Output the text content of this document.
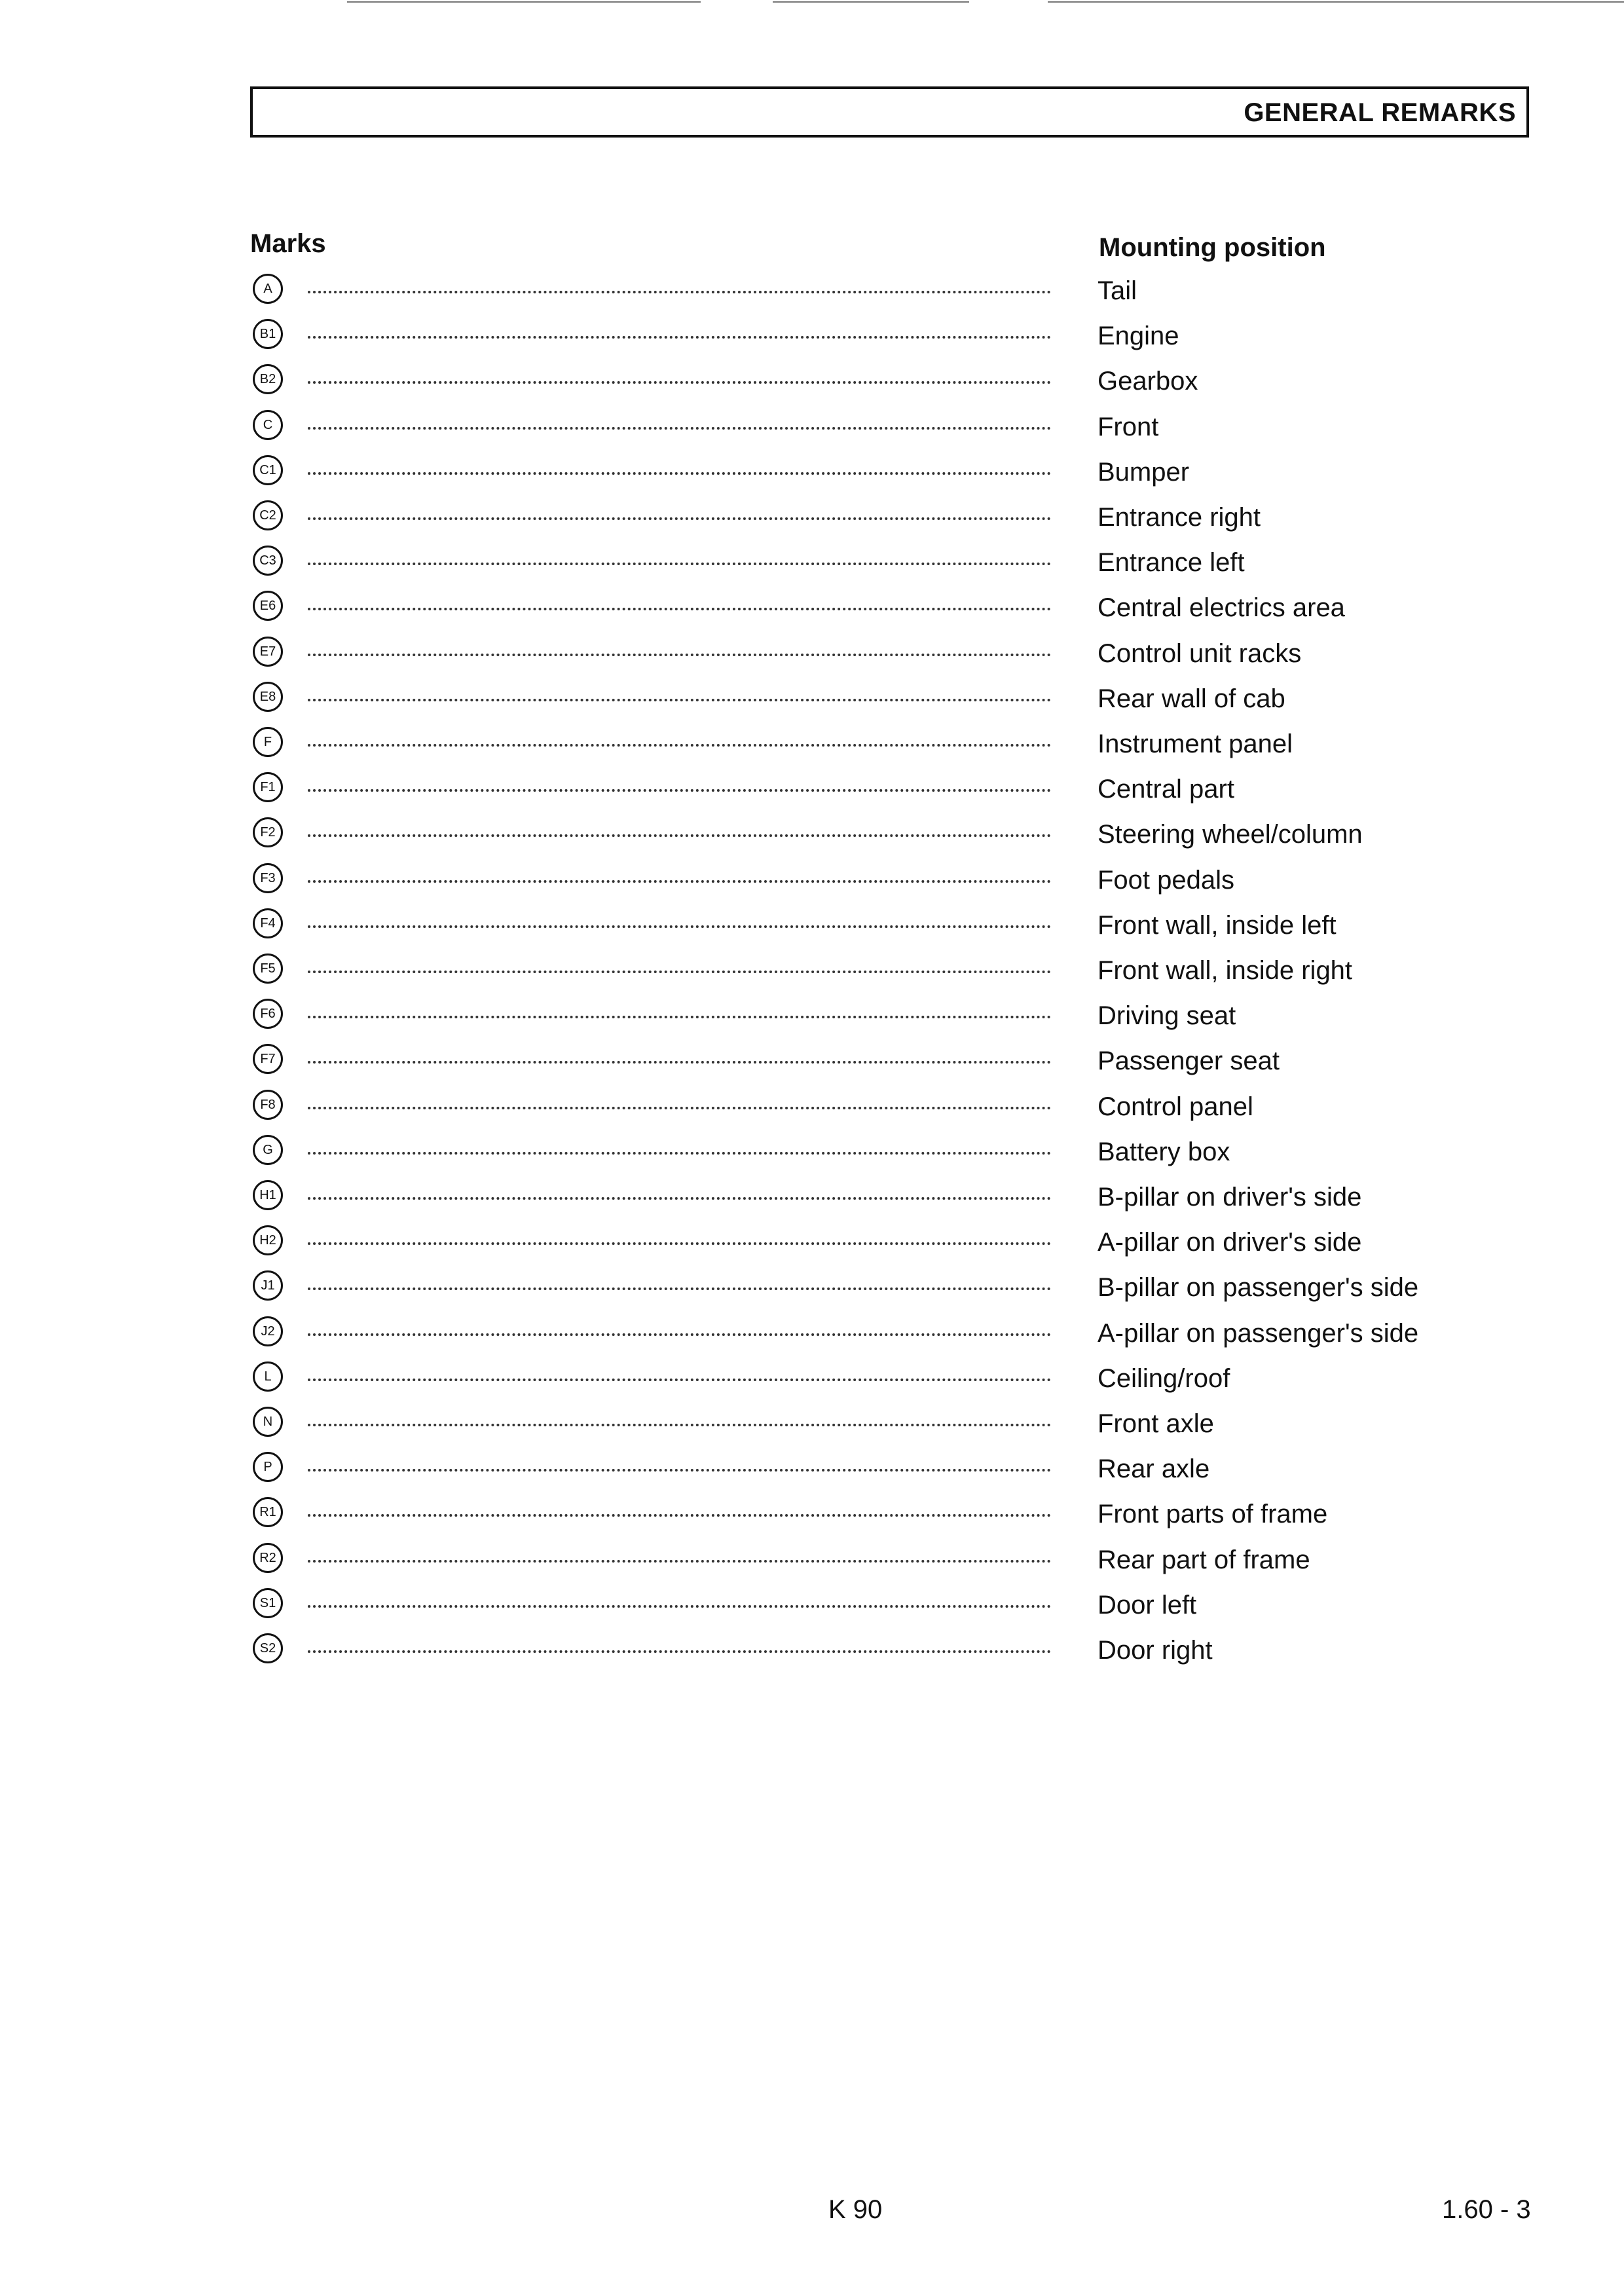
GENERAL REMARKS
Marks	Mounting position
A	Tail
B1	Engine
B2	Gearbox
C	Front
C1	Bumper
C2	Entrance right
C3	Entrance left
E6	Central electrics area
E7	Control unit racks
E8	Rear wall of cab
F	Instrument panel
F1	Central part
F2	Steering wheel/column
F3	Foot pedals
F4	Front wall, inside left
F5	Front wall, inside right
F6	Driving seat
F7	Passenger seat
F8	Control panel
G	Battery box
H1	B-pillar on driver's side
H2	A-pillar on driver's side
J1	B-pillar on passenger's side
J2	A-pillar on passenger's side
L	Ceiling/roof
N	Front axle
P	Rear axle
R1	Front parts of frame
R2	Rear part of frame
S1	Door left
S2	Door right
K 90	1.60 - 3
